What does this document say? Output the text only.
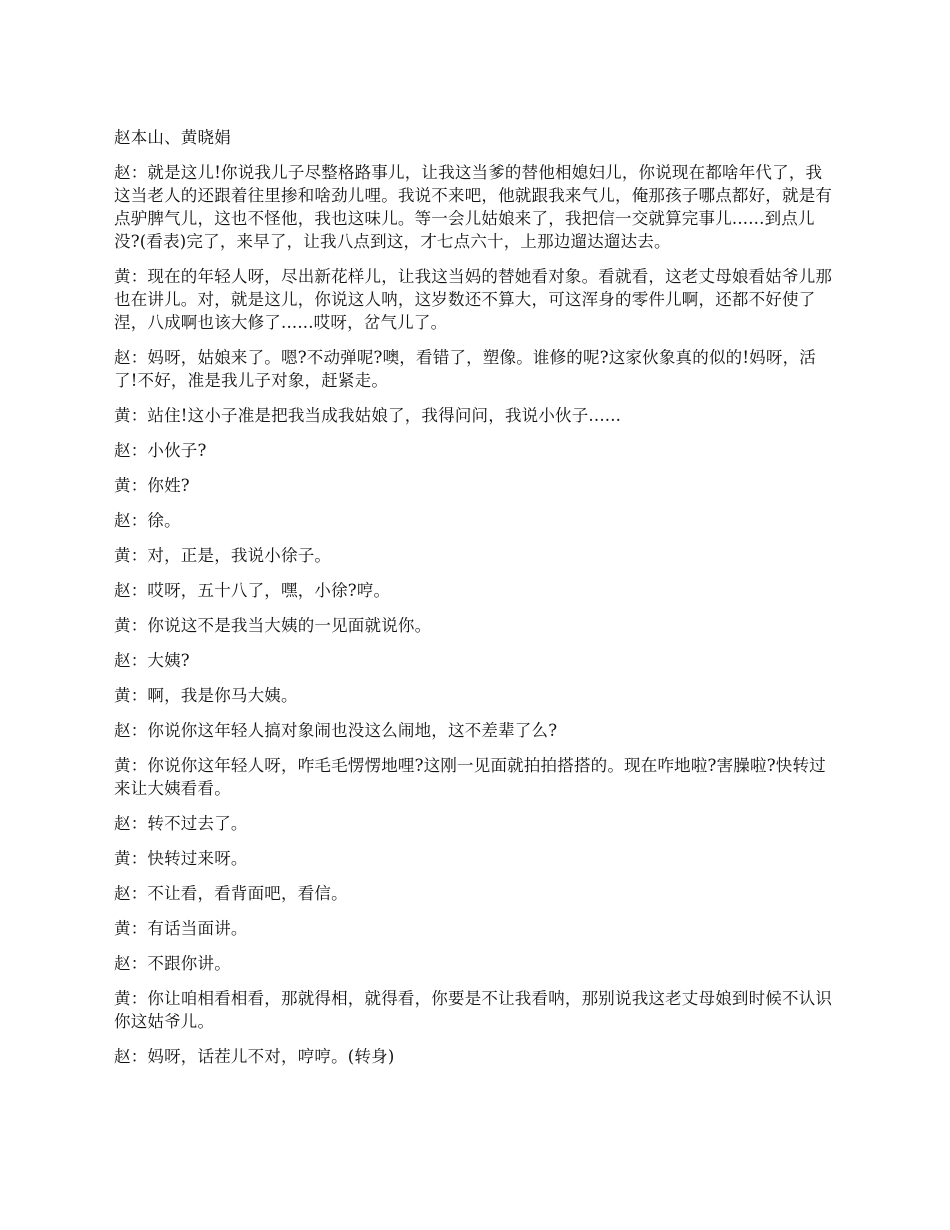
赵本山、黄晓娟

赵：就是这儿!你说我儿子尽整格路事儿，让我这当爹的替他相媳妇儿，你说现在都啥年代了，我这当老人的还跟着往里掺和啥劲儿哩。我说不来吧，他就跟我来气儿，俺那孩子哪点都好，就是有点驴脾气儿，这也不怪他，我也这味儿。等一会儿姑娘来了，我把信一交就算完事儿......到点儿没?(看表)完了，来早了，让我八点到这，才七点六十，上那边遛达遛达去。

黄：现在的年轻人呀，尽出新花样儿，让我这当妈的替她看对象。看就看，这老丈母娘看姑爷儿那也在讲儿。对，就是这儿，你说这人呐，这岁数还不算大，可这浑身的零件儿啊，还都不好使了涅，八成啊也该大修了......哎呀，岔气儿了。

赵：妈呀，姑娘来了。嗯?不动弹呢?噢，看错了，塑像。谁修的呢?这家伙象真的似的!妈呀，活了!不好，准是我儿子对象，赶紧走。

黄：站住!这小子准是把我当成我姑娘了，我得问问，我说小伙子......

赵：小伙子?

黄：你姓?

赵：徐。

黄：对，正是，我说小徐子。

赵：哎呀，五十八了，嘿，小徐?哼。

黄：你说这不是我当大姨的一见面就说你。

赵：大姨?

黄：啊，我是你马大姨。

赵：你说你这年轻人搞对象闹也没这么闹地，这不差辈了么?

黄：你说你这年轻人呀，咋毛毛愣愣地哩?这刚一见面就拍拍搭搭的。现在咋地啦?害臊啦?快转过来让大姨看看。

赵：转不过去了。

黄：快转过来呀。

赵：不让看，看背面吧，看信。

黄：有话当面讲。

赵：不跟你讲。

黄：你让咱相看相看，那就得相，就得看，你要是不让我看呐，那别说我这老丈母娘到时候不认识你这姑爷儿。

赵：妈呀，话茬儿不对，哼哼。(转身)
